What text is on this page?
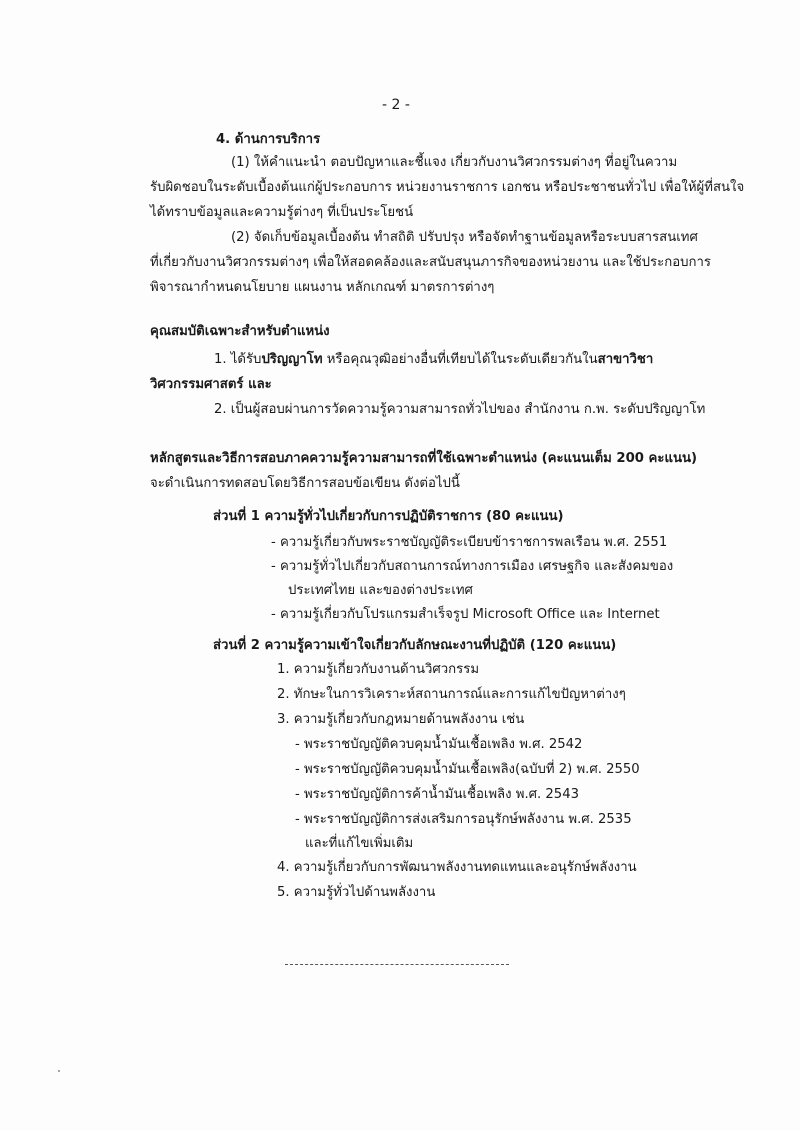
- 2 -
4. ด้านการบริการ
(1) ให้คำแนะนำ ตอบปัญหาและชี้แจง เกี่ยวกับงานวิศวกรรมต่างๆ ที่อยู่ในความ
รับผิดชอบในระดับเบื้องต้นแก่ผู้ประกอบการ หน่วยงานราชการ เอกชน หรือประชาชนทั่วไป เพื่อให้ผู้ที่สนใจ
ได้ทราบข้อมูลและความรู้ต่างๆ ที่เป็นประโยชน์
(2) จัดเก็บข้อมูลเบื้องต้น ทำสถิติ ปรับปรุง หรือจัดทำฐานข้อมูลหรือระบบสารสนเทศ
ที่เกี่ยวกับงานวิศวกรรมต่างๆ เพื่อให้สอดคล้องและสนับสนุนภารกิจของหน่วยงาน และใช้ประกอบการ
พิจารณากำหนดนโยบาย แผนงาน หลักเกณฑ์ มาตรการต่างๆ
คุณสมบัติเฉพาะสำหรับตำแหน่ง
1. ได้รับปริญญาโท หรือคุณวุฒิอย่างอื่นที่เทียบได้ในระดับเดียวกันในสาขาวิชา
วิศวกรรมศาสตร์ และ
2. เป็นผู้สอบผ่านการวัดความรู้ความสามารถทั่วไปของ สำนักงาน ก.พ. ระดับปริญญาโท
หลักสูตรและวิธีการสอบภาคความรู้ความสามารถที่ใช้เฉพาะตำแหน่ง (คะแนนเต็ม 200 คะแนน)
จะดำเนินการทดสอบโดยวิธีการสอบข้อเขียน ดังต่อไปนี้
ส่วนที่ 1 ความรู้ทั่วไปเกี่ยวกับการปฏิบัติราชการ (80 คะแนน)
- ความรู้เกี่ยวกับพระราชบัญญัติระเบียบข้าราชการพลเรือน พ.ศ. 2551
- ความรู้ทั่วไปเกี่ยวกับสถานการณ์ทางการเมือง เศรษฐกิจ และสังคมของ
ประเทศไทย และของต่างประเทศ
- ความรู้เกี่ยวกับโปรแกรมสำเร็จรูป Microsoft Office และ Internet
ส่วนที่ 2 ความรู้ความเข้าใจเกี่ยวกับลักษณะงานที่ปฏิบัติ (120 คะแนน)
1. ความรู้เกี่ยวกับงานด้านวิศวกรรม
2. ทักษะในการวิเคราะห์สถานการณ์และการแก้ไขปัญหาต่างๆ
3. ความรู้เกี่ยวกับกฎหมายด้านพลังงาน เช่น
- พระราชบัญญัติควบคุมน้ำมันเชื้อเพลิง พ.ศ. 2542
- พระราชบัญญัติควบคุมน้ำมันเชื้อเพลิง(ฉบับที่ 2) พ.ศ. 2550
- พระราชบัญญัติการค้าน้ำมันเชื้อเพลิง พ.ศ. 2543
- พระราชบัญญัติการส่งเสริมการอนุรักษ์พลังงาน พ.ศ. 2535
และที่แก้ไขเพิ่มเติม
4. ความรู้เกี่ยวกับการพัฒนาพลังงานทดแทนและอนุรักษ์พลังงาน
5. ความรู้ทั่วไปด้านพลังงาน
